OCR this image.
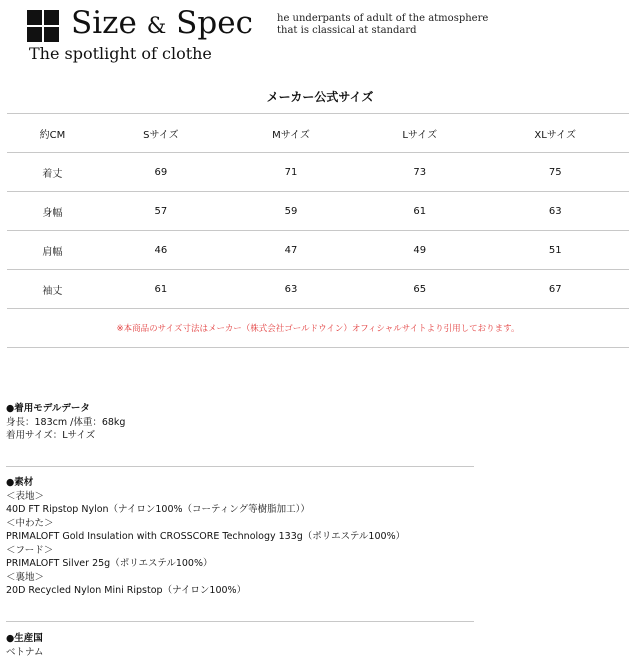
Size & Spec
The spotlight of clothe
he underpants of adult of the atmosphere
that is classical at standard
メーカー公式サイズ
約CM	Sサイズ	Mサイズ	Lサイズ	XLサイズ
着丈	69	71	73	75
身幅	57	59	61	63
肩幅	46	47	49	51
袖丈	61	63	65	67
※本商品のサイズ寸法はメーカー（株式会社ゴールドウイン）オフィシャルサイトより引用しております。
●着用モデルデータ
身長：183cm /体重：68kg
着用サイズ：Lサイズ
●素材
＜表地＞
40D FT Ripstop Nylon（ナイロン100%（コーティング等樹脂加工））
＜中わた＞
PRIMALOFT Gold Insulation with CROSSCORE Technology 133g（ポリエステル100%）
＜フード＞
PRIMALOFT Silver 25g（ポリエステル100%）
＜裏地＞
20D Recycled Nylon Mini Ripstop（ナイロン100%）
●生産国
ベトナム
